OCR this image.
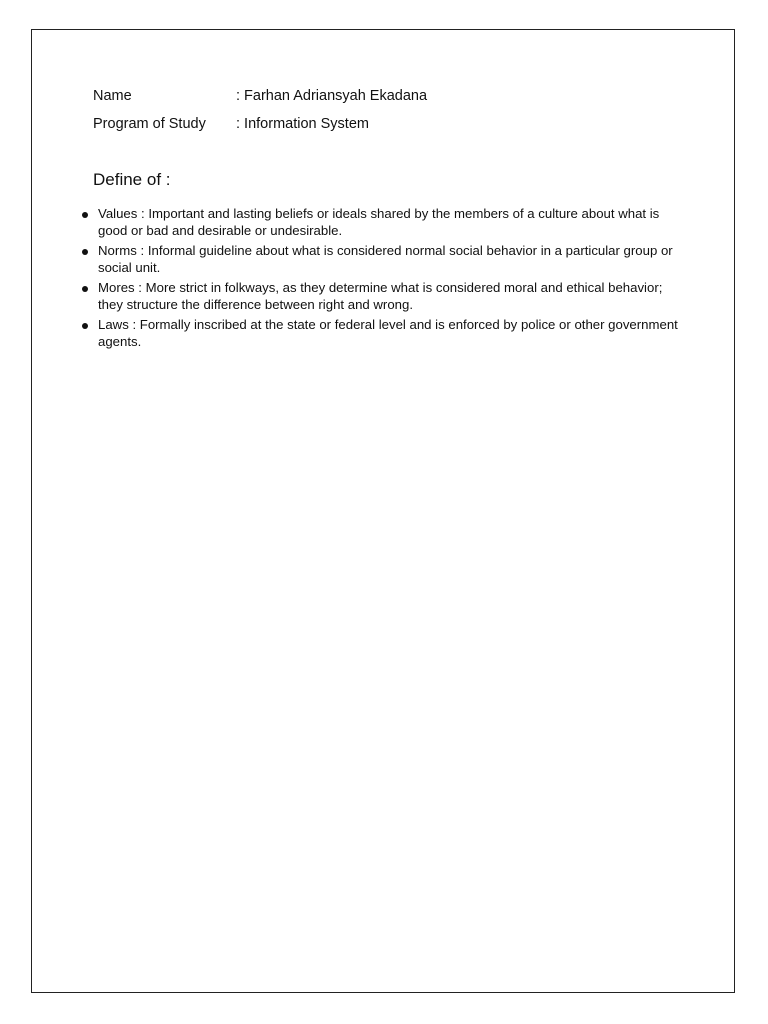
Name	: Farhan Adriansyah Ekadana
Program of Study : Information System
Define of :
Values : Important and lasting beliefs or ideals shared by the members of a culture about what is good or bad and desirable or undesirable.
Norms : Informal guideline about what is considered normal social behavior in a particular group or social unit.
Mores : More strict in folkways, as they determine what is considered moral and ethical behavior; they structure the difference between right and wrong.
Laws : Formally inscribed at the state or federal level and is enforced by police or other government agents.
